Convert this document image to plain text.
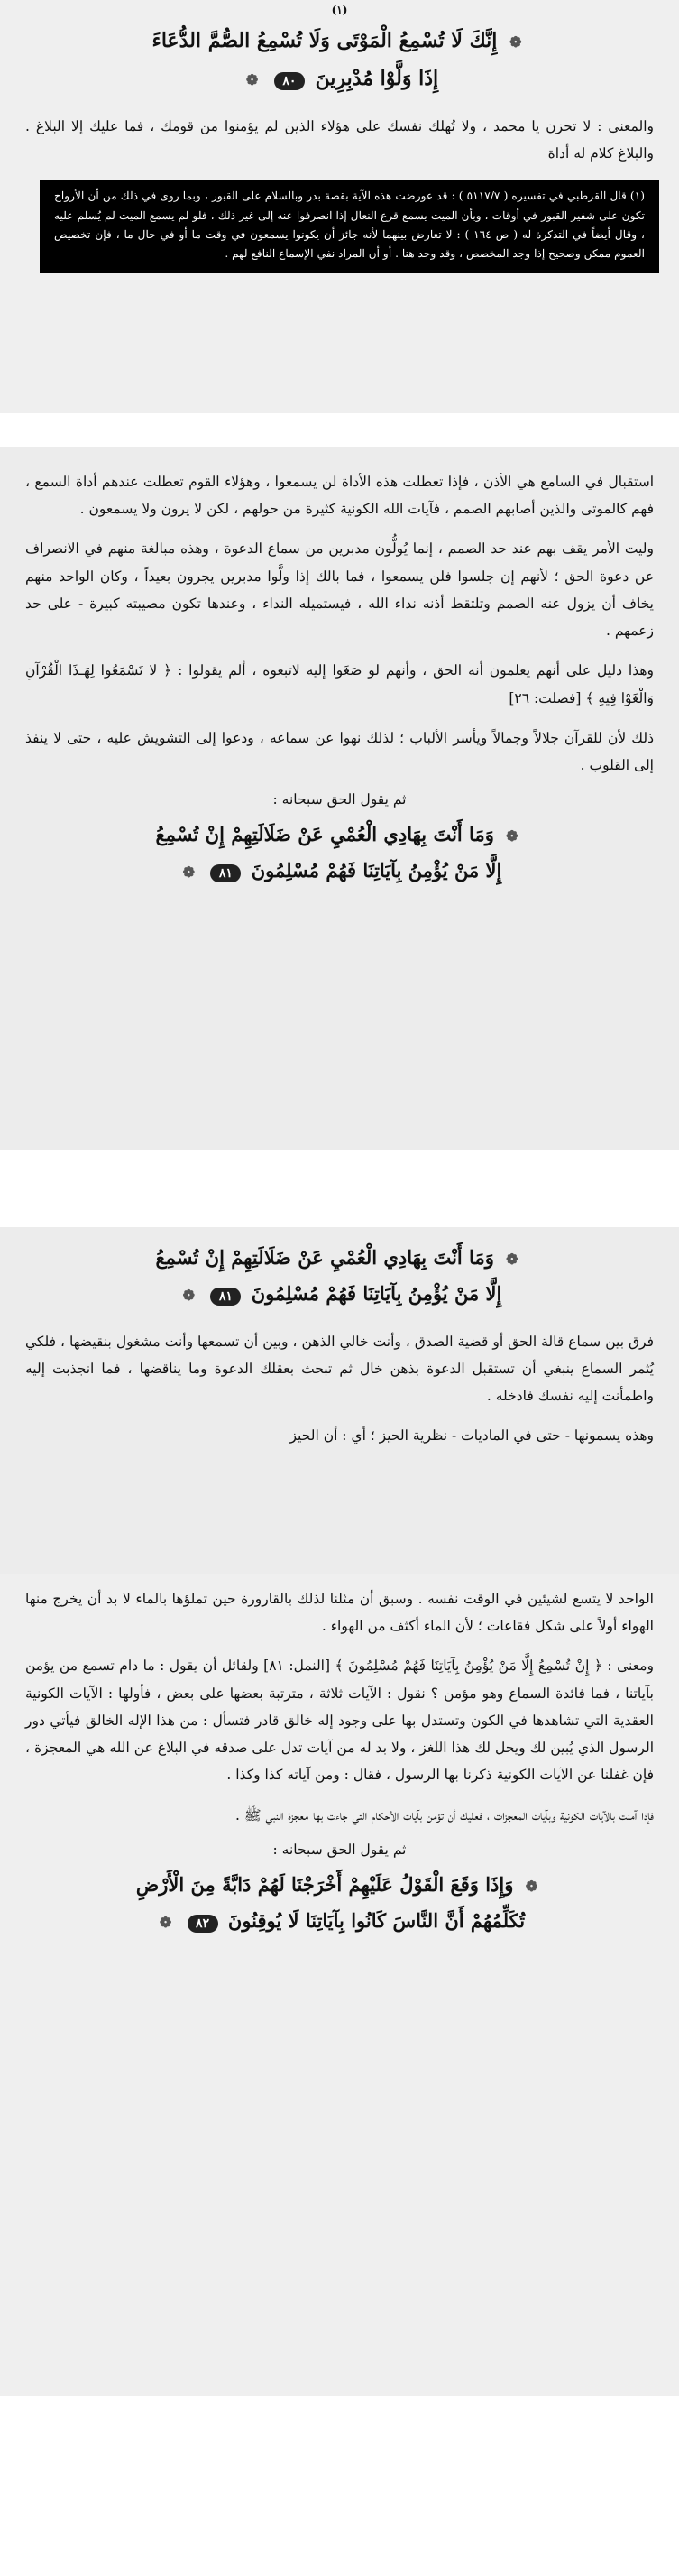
$^{(١)}$
❁ إِنَّكَ لَا تُسْمِعُ الْمَوْتَى وَلَا تُسْمِعُ الصُّمَّ الدُّعَاءَ
إِذَا وَلَّوْا مُدْبِرِينَ ٨٠ ❁
والمعنى : لا تحزن يا محمد ، ولا تُهلك نفسك على هؤلاء الذين لم يؤمنوا من قومك ، فما عليك إلا البلاغ . والبلاغ كلام له أداة
(١) قال القرطبي في تفسيره ( ٥١١٧/٧ ) : قد عورضت هذه الآية بقصة بدر وبالسلام على القبور ، وبما روى في ذلك من أن الأرواح تكون على شفير القبور في أوقات ، وبأن الميت يسمع قرع النعال إذا انصرفوا عنه إلى غير ذلك ، فلو لم يسمع الميت لم يُسلم عليه ، وقال أيضاً في التذكرة له ( ص ١٦٤ ) : لا تعارض بينهما لأنه جائز أن يكونوا يسمعون في وقت ما أو في حال ما ، فإن تخصيص العموم ممكن وصحيح إذا وجد المخصص ، وقد وجد هنا . أو أن المراد نفي الإسماع النافع لهم .
استقبال في السامع هي الأذن ، فإذا تعطلت هذه الأداة لن يسمعوا ، وهؤلاء القوم تعطلت عندهم أداة السمع ، فهم كالموتى والذين أصابهم الصمم ، فآيات الله الكونية كثيرة من حولهم ، لكن لا يرون ولا يسمعون .
وليت الأمر يقف بهم عند حد الصمم ، إنما يُولُّون مدبرين من سماع الدعوة ، وهذه مبالغة منهم في الانصراف عن دعوة الحق ؛ لأنهم إن جلسوا فلن يسمعوا ، فما بالك إذا ولَّوا مدبرين يجرون بعيداً ، وكان الواحد منهم يخاف أن يزول عنه الصمم وتلتقط أذنه نداء الله ، فيستميله النداء ، وعندها تكون مصيبته كبيرة - على حد زعمهم .
وهذا دليل على أنهم يعلمون أنه الحق ، وأنهم لو صَغَوا إليه لاتبعوه ، ألم يقولوا : ﴿ لا تَسْمَعُوا لِهَـذَا الْقُرْآنِ وَالْغَوْا فِيهِ ﴾ [فصلت: ٢٦]
ذلك لأن للقرآن جلالاً وجمالاً ويأسر الألباب ؛ لذلك نهوا عن سماعه ، ودعوا إلى التشويش عليه ، حتى لا ينفذ إلى القلوب .
ثم يقول الحق سبحانه :
❁ وَمَا أَنْتَ بِهَادِي الْعُمْيِ عَنْ ضَلَالَتِهِمْ إِنْ تُسْمِعُ
إِلَّا مَنْ يُؤْمِنُ بِآيَاتِنَا فَهُمْ مُسْلِمُونَ ٨١ ❁
❁ وَمَا أَنْتَ بِهَادِي الْعُمْيِ عَنْ ضَلَالَتِهِمْ إِنْ تُسْمِعُ
إِلَّا مَنْ يُؤْمِنُ بِآيَاتِنَا فَهُمْ مُسْلِمُونَ ٨١ ❁
فرق بين سماع قالة الحق أو قضية الصدق ، وأنت خالي الذهن ، وبين أن تسمعها وأنت مشغول بنقيضها ، فلكي يُثمر السماع ينبغي أن تستقبل الدعوة بذهن خال ثم تبحث بعقلك الدعوة وما يناقضها ، فما انجذبت إليه واطمأنت إليه نفسك فادخله .
وهذه يسمونها - حتى في الماديات - نظرية الحيز ؛ أي : أن الحيز
الواحد لا يتسع لشيئين في الوقت نفسه . وسبق أن مثلنا لذلك بالقارورة حين تملؤها بالماء لا بد أن يخرج منها الهواء أولاً على شكل فقاعات ؛ لأن الماء أكثف من الهواء .
ومعنى : ﴿ إِنْ تُسْمِعُ إِلَّا مَنْ يُؤْمِنُ بِآيَاتِنَا فَهُمْ مُسْلِمُونَ ﴾ [النمل: ٨١] ولقائل أن يقول : ما دام تسمع من يؤمن بآياتنا ، فما فائدة السماع وهو مؤمن ؟ نقول : الآيات ثلاثة ، مترتبة بعضها على بعض ، فأولها : الآيات الكونية العقدية التي تشاهدها في الكون وتستدل بها على وجود إله خالق قادر فتسأل : من هذا الإله الخالق فيأتي دور الرسول الذي يُبين لك ويحل لك هذا اللغز ، ولا بد له من آيات تدل على صدقه في البلاغ عن الله هي المعجزة ، فإن غفلنا عن الآيات الكونية ذكرنا بها الرسول ، فقال : ومن آياته كذا وكذا .
فإذا آمنت بالآيات الكونية وبآيات المعجزات ، فعليك أن تؤمن بآيات الأحكام التي جاءت بها معجزة النبي ﷺ .
ثم يقول الحق سبحانه :
❁ وَإِذَا وَقَعَ الْقَوْلُ عَلَيْهِمْ أَخْرَجْنَا لَهُمْ دَابَّةً مِنَ الْأَرْضِ
تُكَلِّمُهُمْ أَنَّ النَّاسَ كَانُوا بِآيَاتِنَا لَا يُوقِنُونَ ٨٢ ❁
